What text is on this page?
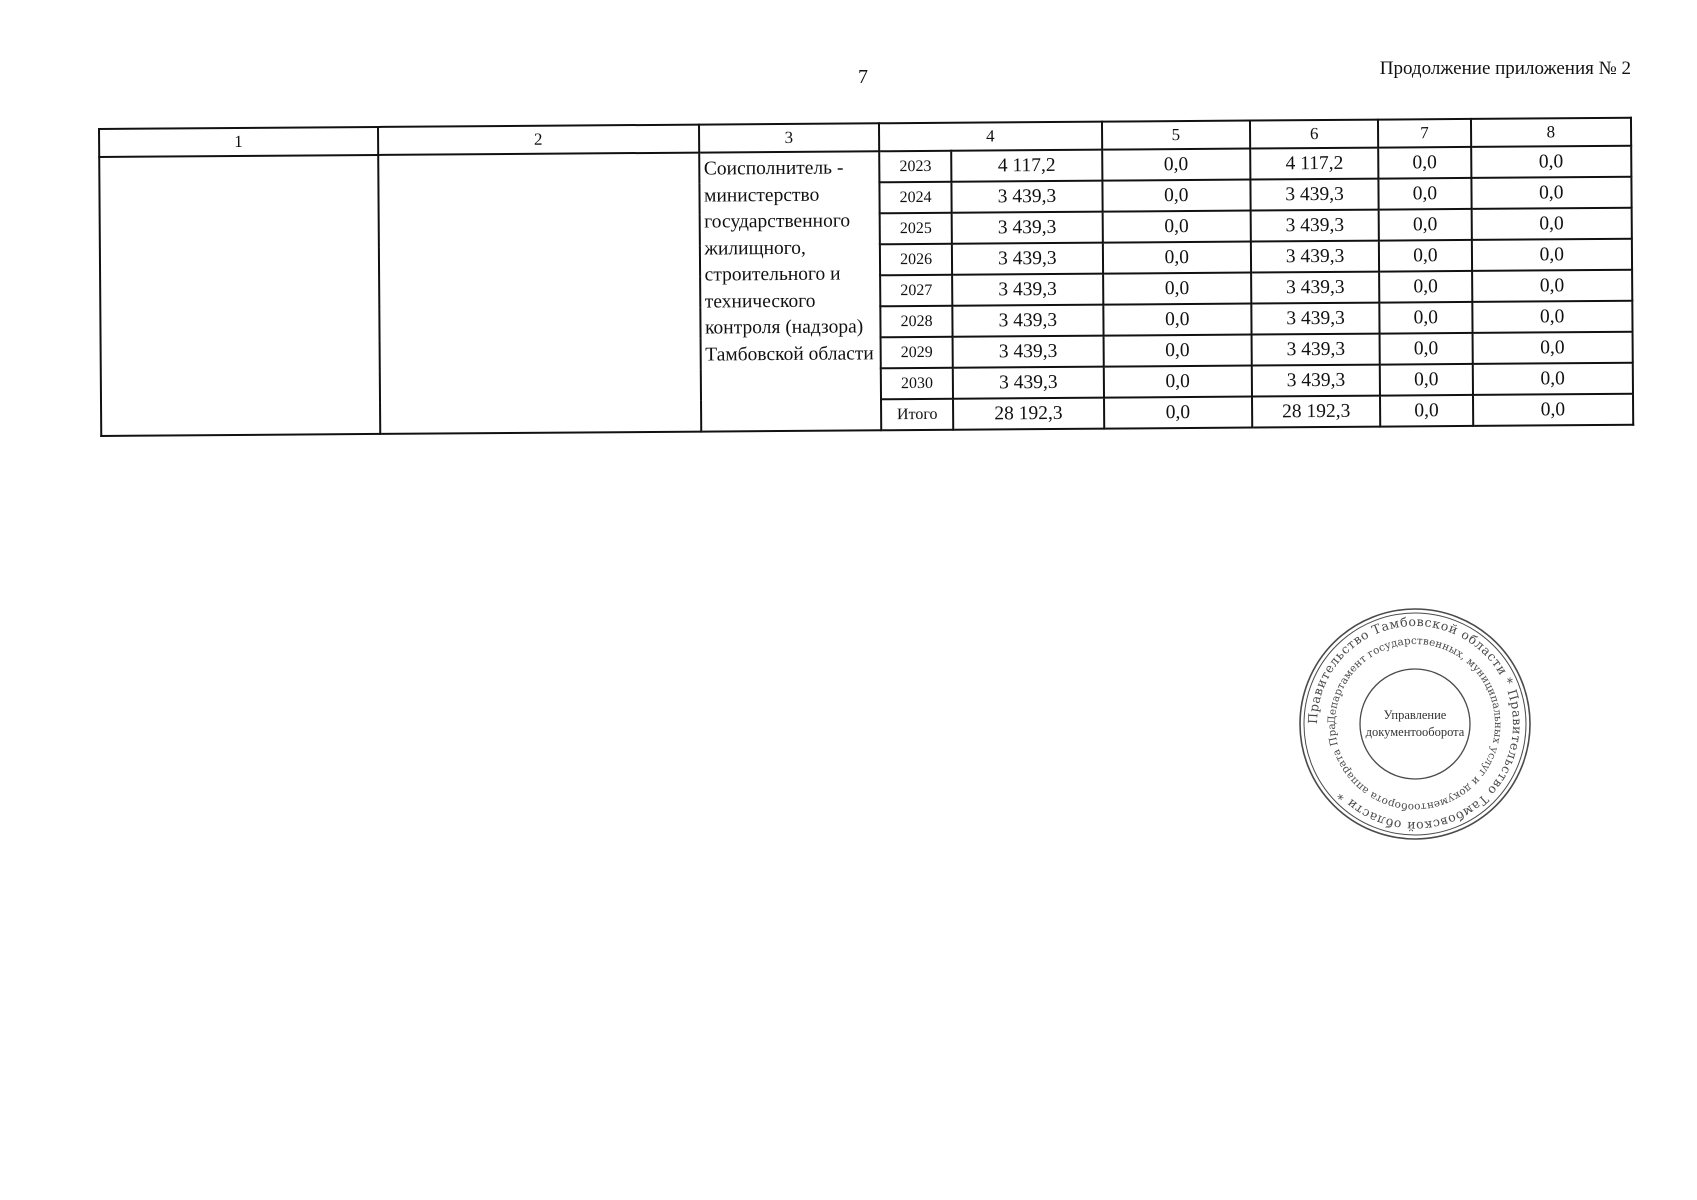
7	Продолжение приложения № 2
1	2	3	4		5	6	7	8
		Соисполнитель - министерство государственного жилищного, строительного и технического контроля (надзора) Тамбовской области	2023	4 117,2	0,0	4 117,2	0,0	0,0
			2024	3 439,3	0,0	3 439,3	0,0	0,0
			2025	3 439,3	0,0	3 439,3	0,0	0,0
			2026	3 439,3	0,0	3 439,3	0,0	0,0
			2027	3 439,3	0,0	3 439,3	0,0	0,0
			2028	3 439,3	0,0	3 439,3	0,0	0,0
			2029	3 439,3	0,0	3 439,3	0,0	0,0
			2030	3 439,3	0,0	3 439,3	0,0	0,0
			Итого	28 192,3	0,0	28 192,3	0,0	0,0
Правительство Тамбовской области * Правительство Тамбовской области *
Департамент государственных, муниципальных услуг и документооборота аппарата Пра
Управление
документооборота
